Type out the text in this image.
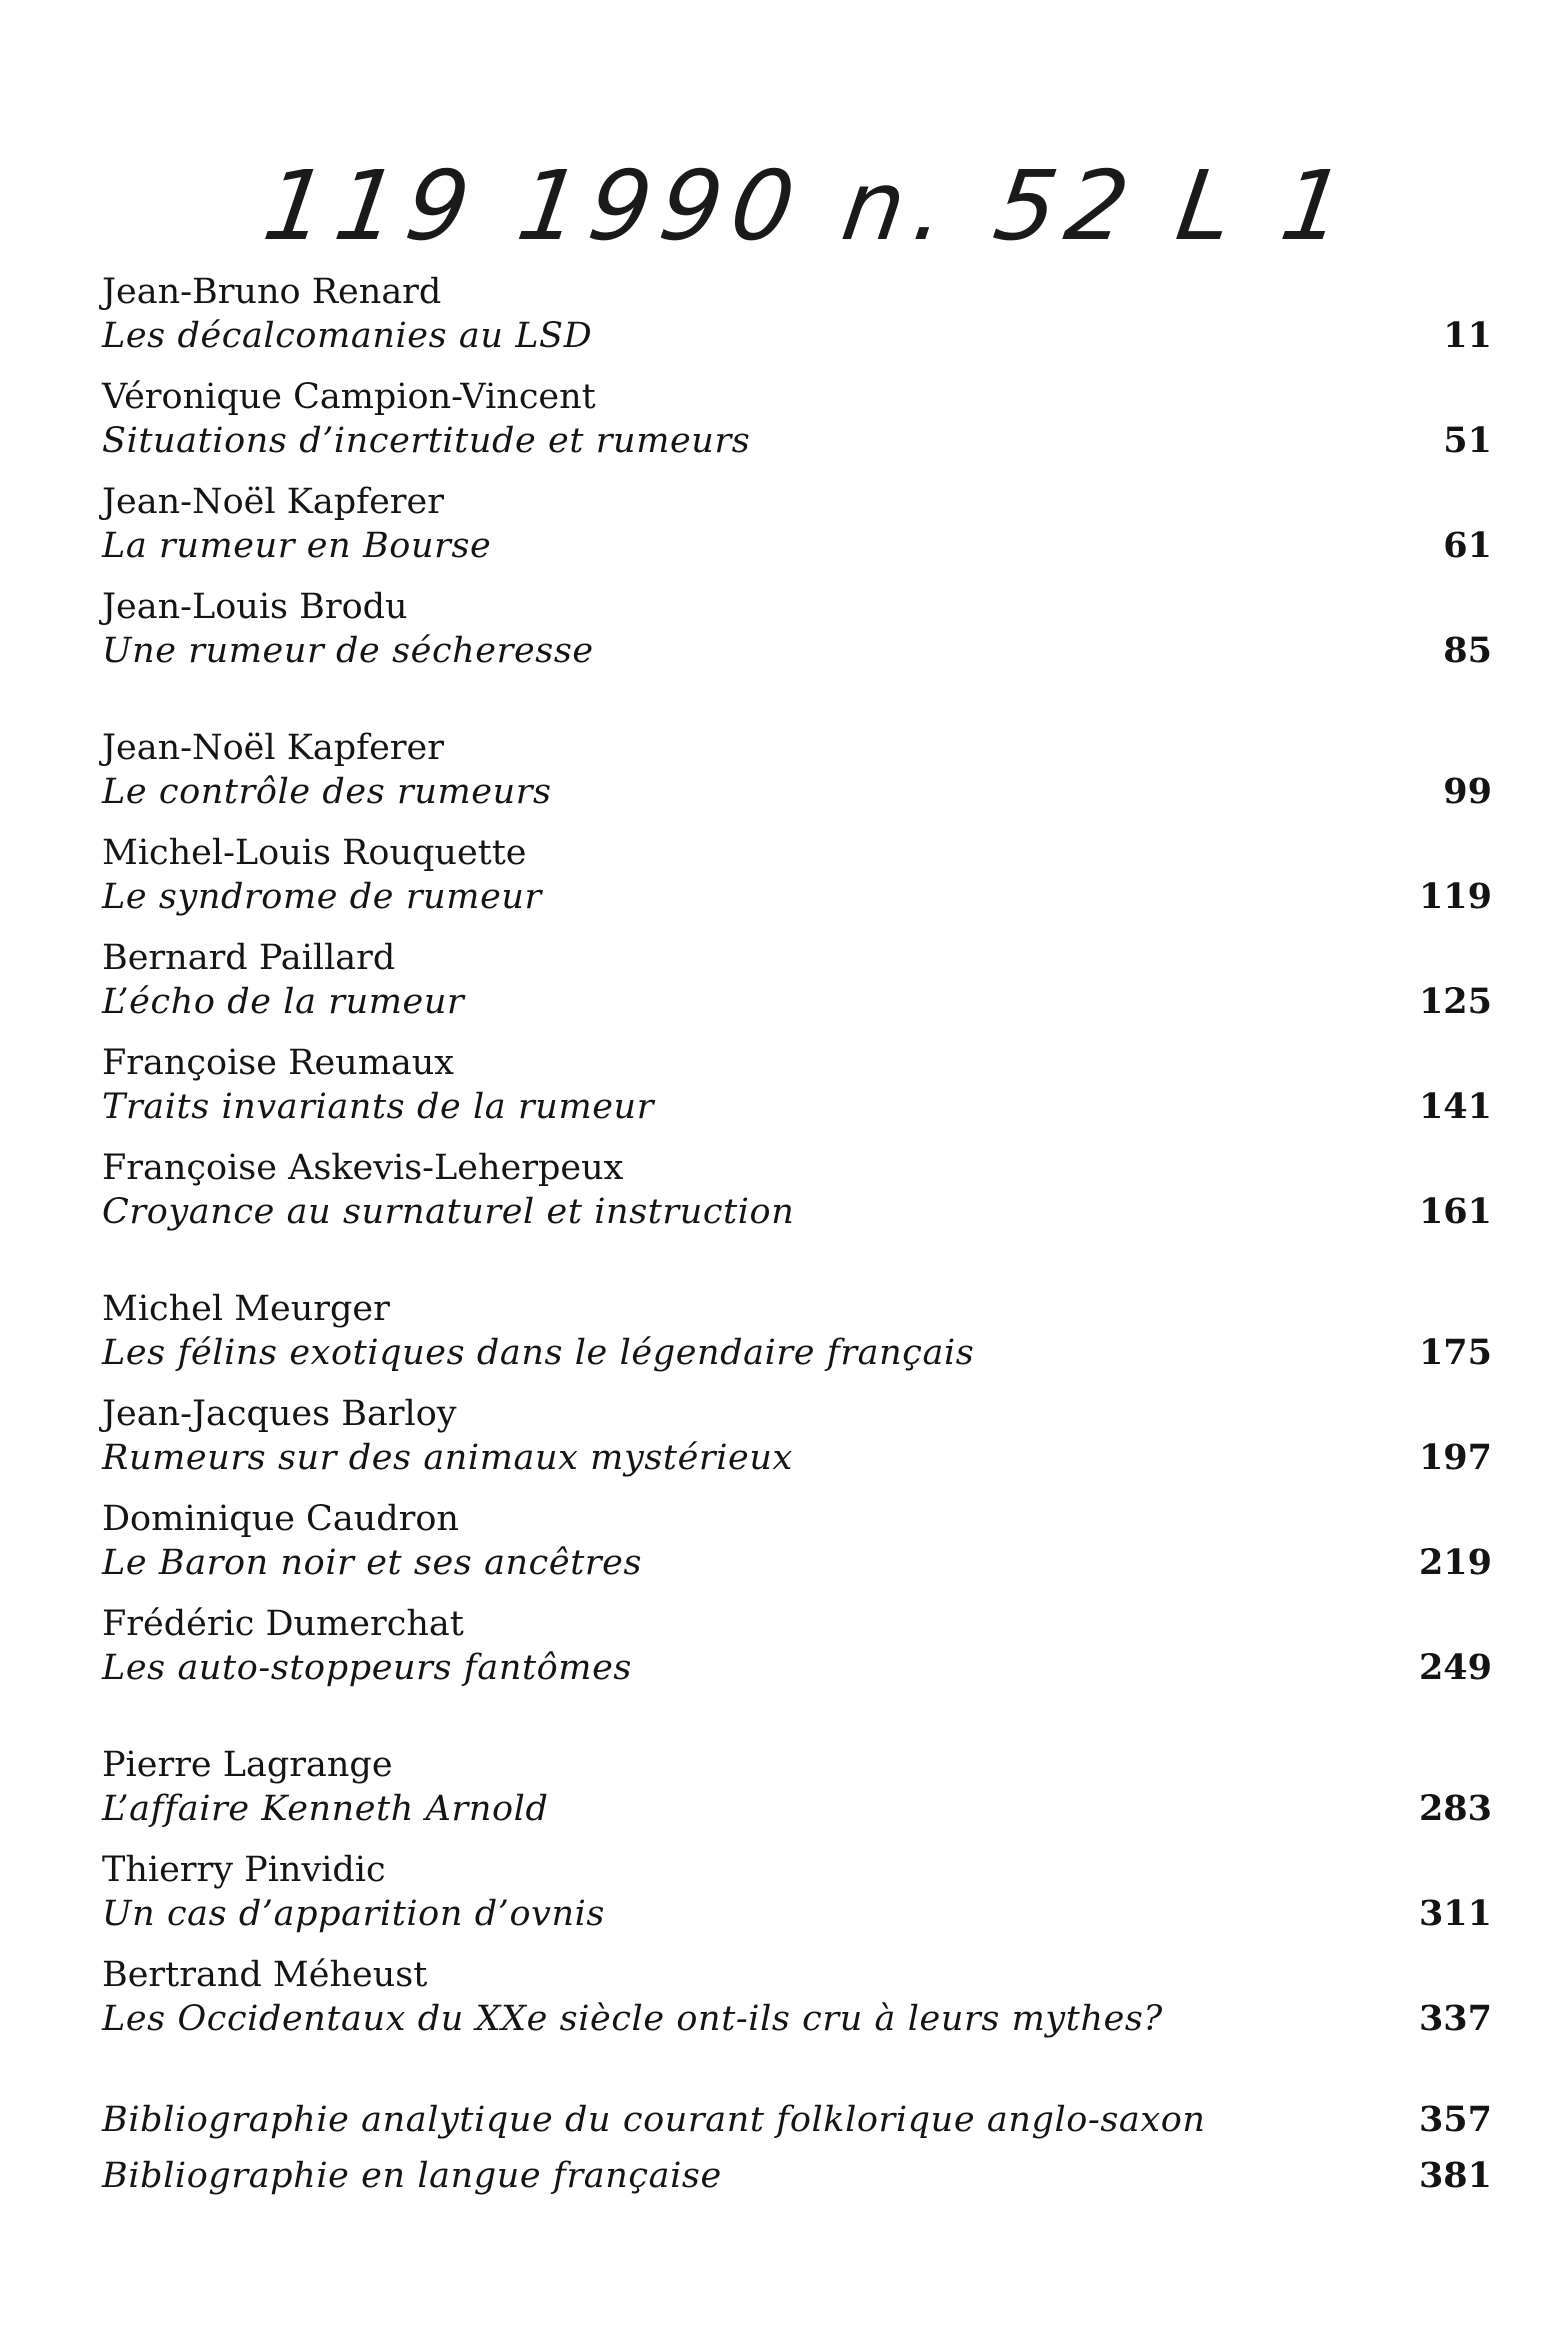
119 1990 n. 52 L 1
Jean-Bruno Renard
Les décalcomanies au LSD	11
Véronique Campion-Vincent
Situations d’incertitude et rumeurs	51
Jean-Noël Kapferer
La rumeur en Bourse	61
Jean-Louis Brodu
Une rumeur de sécheresse	85
Jean-Noël Kapferer
Le contrôle des rumeurs	99
Michel-Louis Rouquette
Le syndrome de rumeur	119
Bernard Paillard
L’écho de la rumeur	125
Françoise Reumaux
Traits invariants de la rumeur	141
Françoise Askevis-Leherpeux
Croyance au surnaturel et instruction	161
Michel Meurger
Les félins exotiques dans le légendaire français	175
Jean-Jacques Barloy
Rumeurs sur des animaux mystérieux	197
Dominique Caudron
Le Baron noir et ses ancêtres	219
Frédéric Dumerchat
Les auto-stoppeurs fantômes	249
Pierre Lagrange
L’affaire Kenneth Arnold	283
Thierry Pinvidic
Un cas d’apparition d’ovnis	311
Bertrand Méheust
Les Occidentaux du XXe siècle ont-ils cru à leurs mythes?	337
Bibliographie analytique du courant folklorique anglo-saxon	357
Bibliographie en langue française	381
